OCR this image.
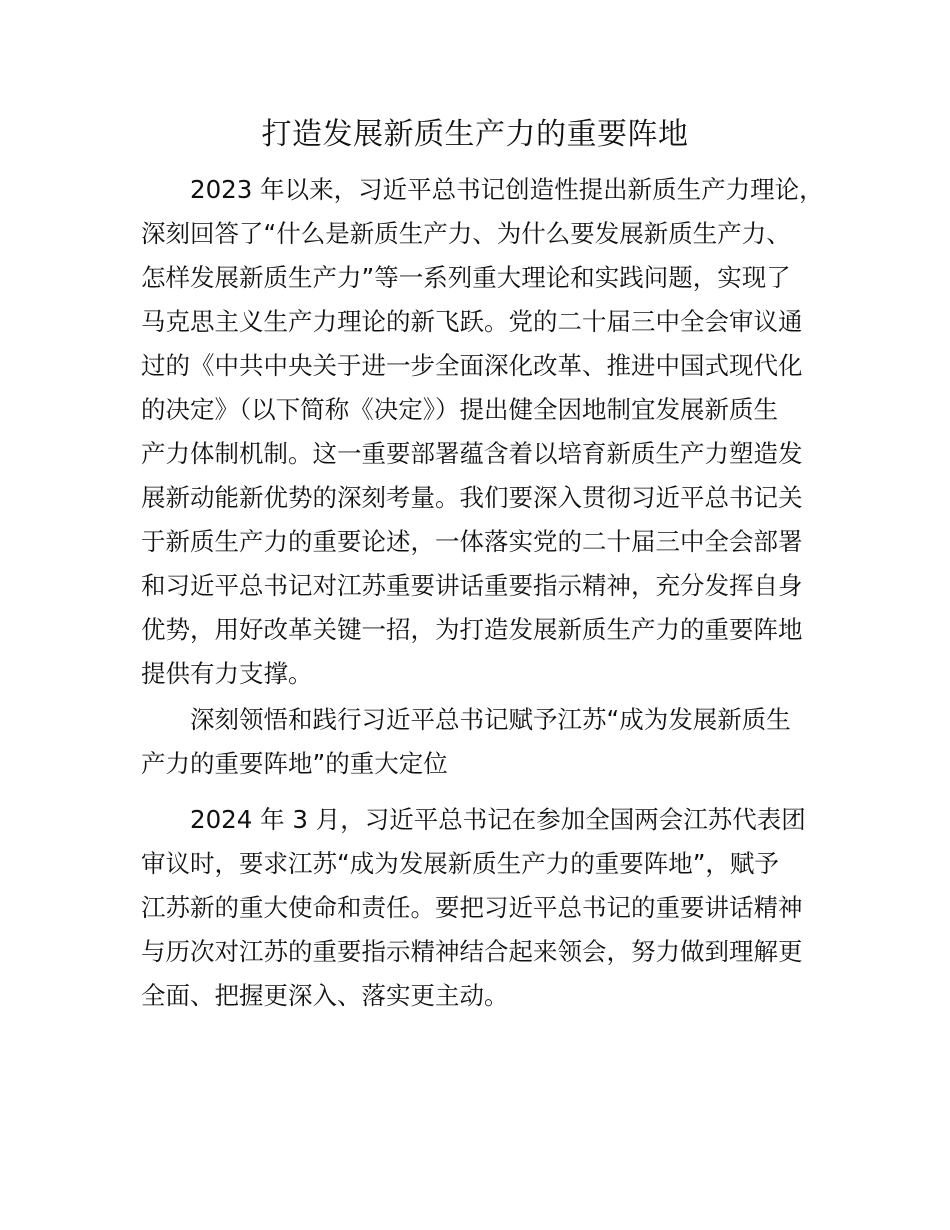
打造发展新质生产力的重要阵地
2023 年以来，习近平总书记创造性提出新质生产力理论，
深刻回答了“什么是新质生产力、为什么要发展新质生产力、
怎样发展新质生产力”等一系列重大理论和实践问题，实现了
马克思主义生产力理论的新飞跃。党的二十届三中全会审议通
过的《中共中央关于进一步全面深化改革、推进中国式现代化
的决定》（以下简称《决定》）提出健全因地制宜发展新质生
产力体制机制。这一重要部署蕴含着以培育新质生产力塑造发
展新动能新优势的深刻考量。我们要深入贯彻习近平总书记关
于新质生产力的重要论述，一体落实党的二十届三中全会部署
和习近平总书记对江苏重要讲话重要指示精神，充分发挥自身
优势，用好改革关键一招，为打造发展新质生产力的重要阵地
提供有力支撑。
深刻领悟和践行习近平总书记赋予江苏“成为发展新质生
产力的重要阵地”的重大定位
2024 年 3 月，习近平总书记在参加全国两会江苏代表团
审议时，要求江苏“成为发展新质生产力的重要阵地”，赋予
江苏新的重大使命和责任。要把习近平总书记的重要讲话精神
与历次对江苏的重要指示精神结合起来领会，努力做到理解更
全面、把握更深入、落实更主动。
